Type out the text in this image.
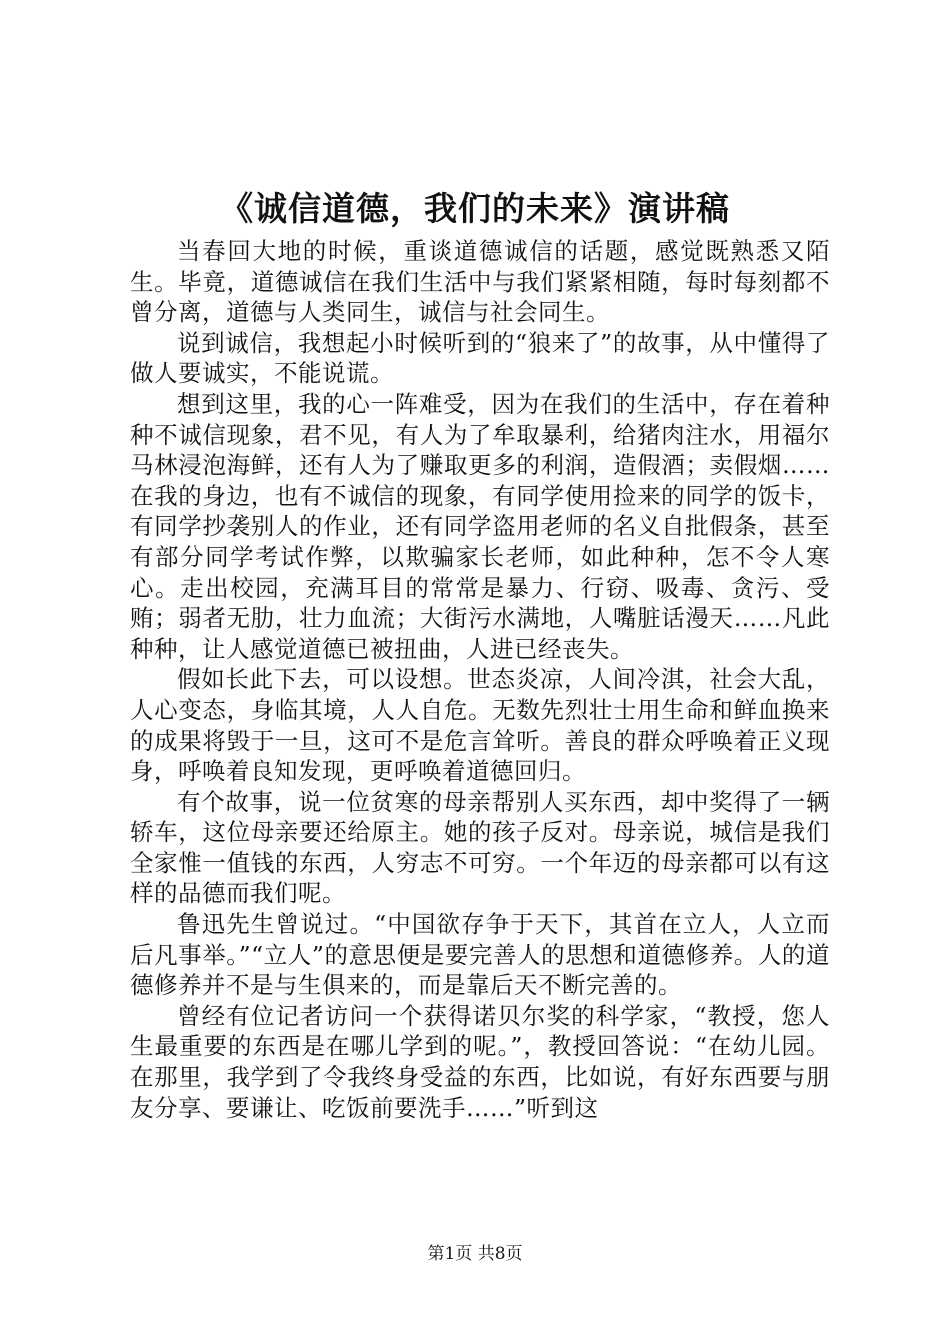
《诚信道德，我们的未来》演讲稿

当春回大地的时候，重谈道德诚信的话题，感觉既熟悉又陌生。毕竟，道德诚信在我们生活中与我们紧紧相随，每时每刻都不曾分离，道德与人类同生，诚信与社会同生。

说到诚信，我想起小时候听到的“狼来了”的故事，从中懂得了做人要诚实，不能说谎。

想到这里，我的心一阵难受，因为在我们的生活中，存在着种种不诚信现象，君不见，有人为了牟取暴利，给猪肉注水，用福尔马林浸泡海鲜，还有人为了赚取更多的利润，造假酒；卖假烟……在我的身边，也有不诚信的现象，有同学使用捡来的同学的饭卡，有同学抄袭别人的作业，还有同学盗用老师的名义自批假条，甚至有部分同学考试作弊，以欺骗家长老师，如此种种，怎不令人寒心。走出校园，充满耳目的常常是暴力、行窃、吸毒、贪污、受贿；弱者无肋，壮力血流；大街污水满地，人嘴脏话漫天……凡此种种，让人感觉道德已被扭曲，人进已经丧失。

假如长此下去，可以设想。世态炎凉，人间冷淇，社会大乱，人心变态，身临其境，人人自危。无数先烈壮士用生命和鲜血换来的成果将毁于一旦，这可不是危言耸听。善良的群众呼唤着正义现身，呼唤着良知发现，更呼唤着道德回归。

有个故事，说一位贫寒的母亲帮别人买东西，却中奖得了一辆轿车，这位母亲要还给原主。她的孩子反对。母亲说，城信是我们全家惟一值钱的东西，人穷志不可穷。一个年迈的母亲都可以有这样的品德而我们呢。

鲁迅先生曾说过。“中国欲存争于天下，其首在立人，人立而后凡事举。”“立人”的意思便是要完善人的思想和道德修养。人的道德修养并不是与生俱来的，而是靠后天不断完善的。

曾经有位记者访问一个获得诺贝尔奖的科学家，“教授，您人生最重要的东西是在哪儿学到的呢。”，教授回答说：“在幼儿园。在那里，我学到了令我终身受益的东西，比如说，有好东西要与朋友分享、要谦让、吃饭前要洗手……”听到这

第1页 共8页
